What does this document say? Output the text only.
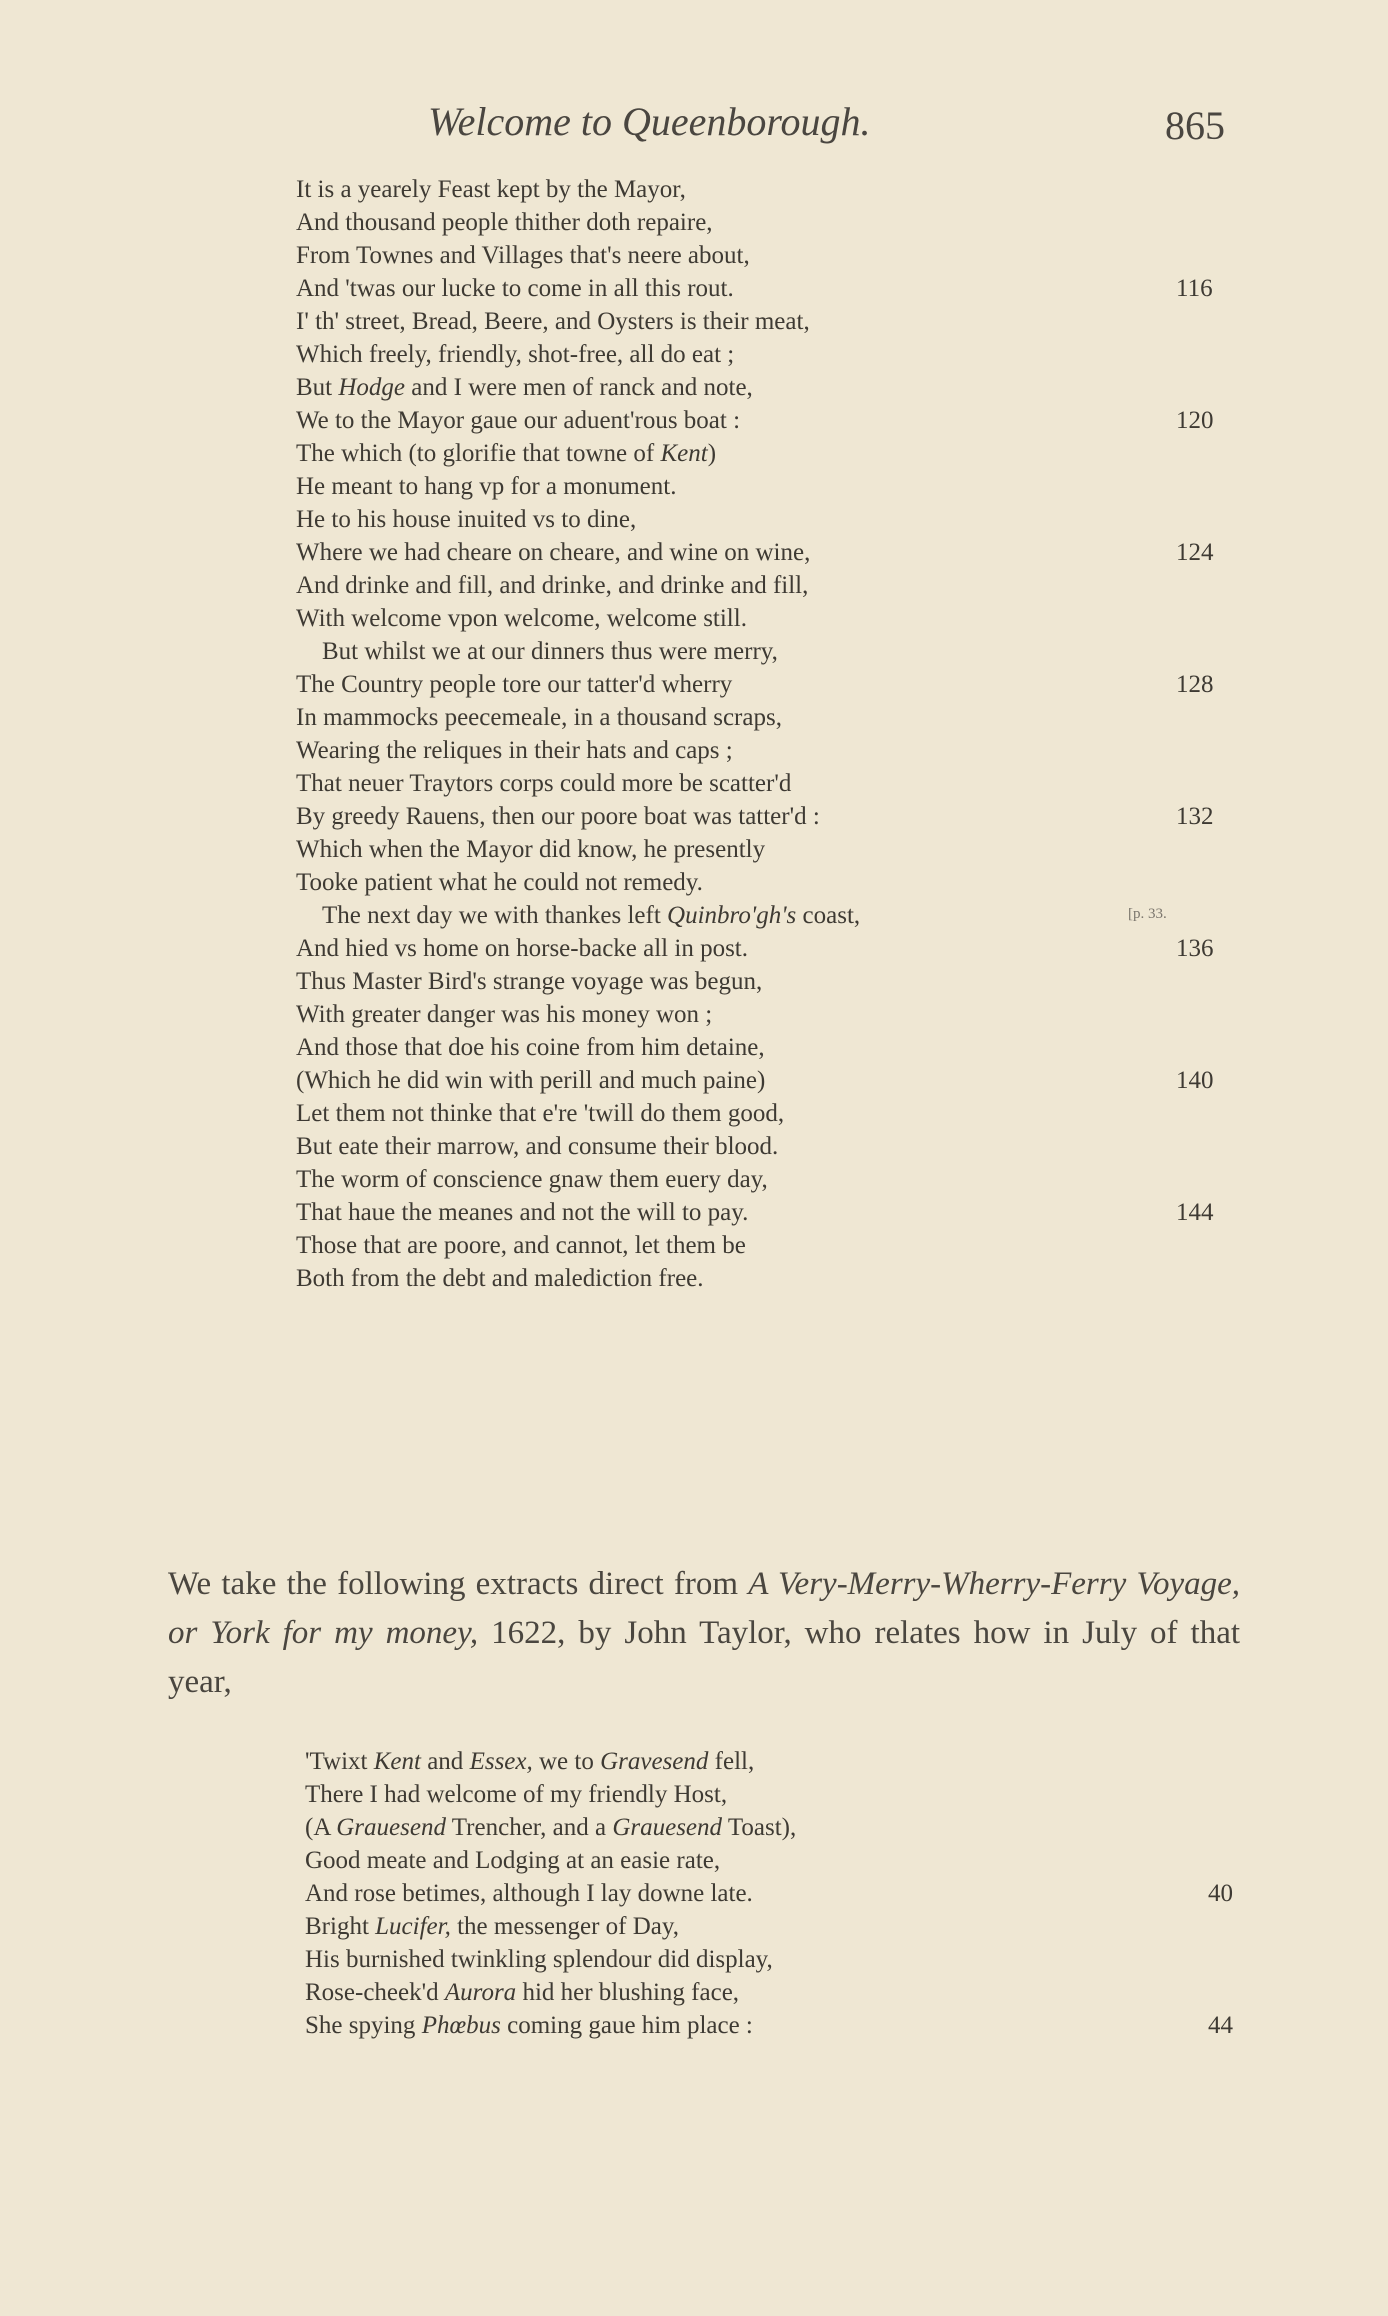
Welcome to Queenborough.	865
It is a yearely Feast kept by the Mayor,
And thousand people thither doth repaire,
From Townes and Villages that's neere about,
And 'twas our lucke to come in all this rout.	116
I' th' street, Bread, Beere, and Oysters is their meat,
Which freely, friendly, shot-free, all do eat ;
But Hodge and I were men of ranck and note,
We to the Mayor gaue our aduent'rous boat :	120
The which (to glorifie that towne of Kent)
He meant to hang vp for a monument.
He to his house inuited vs to dine,
Where we had cheare on cheare, and wine on wine,	124
And drinke and fill, and drinke, and drinke and fill,
With welcome vpon welcome, welcome still.
But whilst we at our dinners thus were merry,
The Country people tore our tatter'd wherry	128
In mammocks peecemeale, in a thousand scraps,
Wearing the reliques in their hats and caps ;
That neuer Traytors corps could more be scatter'd
By greedy Rauens, then our poore boat was tatter'd :	132
Which when the Mayor did know, he presently
Tooke patient what he could not remedy.
The next day we with thankes left Quinbro'gh's coast,	[p. 33.
And hied vs home on horse-backe all in post.	136
Thus Master Bird's strange voyage was begun,
With greater danger was his money won ;
And those that doe his coine from him detaine,
(Which he did win with perill and much paine)	140
Let them not thinke that e're 'twill do them good,
But eate their marrow, and consume their blood.
The worm of conscience gnaw them euery day,
That haue the meanes and not the will to pay.	144
Those that are poore, and cannot, let them be
Both from the debt and malediction free.
We take the following extracts direct from A Very-Merry-Wherry-Ferry Voyage, or York for my money, 1622, by John Taylor, who relates how in July of that year,
'Twixt Kent and Essex, we to Gravesend fell,
There I had welcome of my friendly Host,
(A Grauesend Trencher, and a Grauesend Toast),
Good meate and Lodging at an easie rate,
And rose betimes, although I lay downe late.	40
Bright Lucifer, the messenger of Day,
His burnished twinkling splendour did display,
Rose-cheek'd Aurora hid her blushing face,
She spying Phœbus coming gaue him place :	44
